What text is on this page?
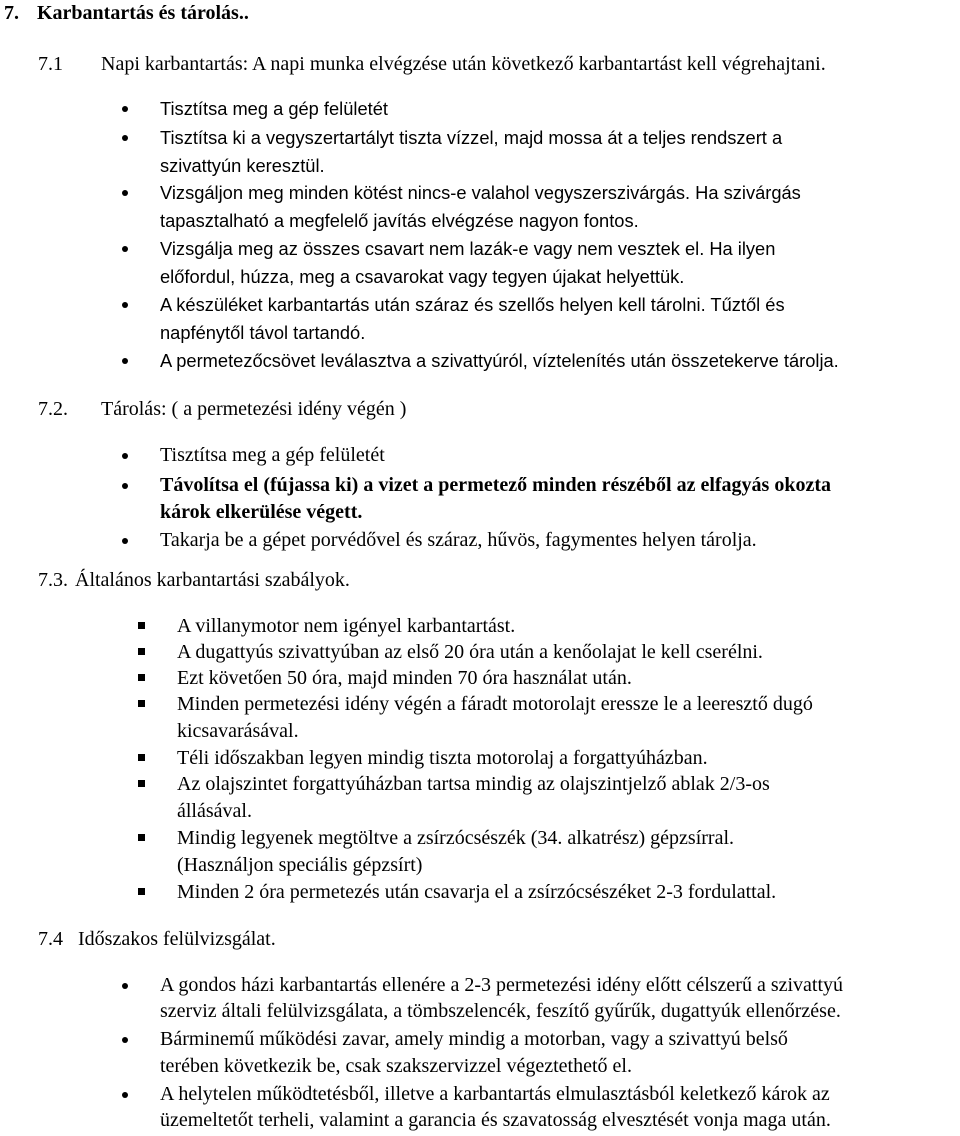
7. Karbantartás és tárolás..
7.1 Napi karbantartás: A napi munka elvégzése után következő karbantartást kell végrehajtani.
Tisztítsa meg a gép felületét
Tisztítsa ki a vegyszertartályt tiszta vízzel, majd mossa át a teljes rendszert a
szivattyún keresztül.
Vizsgáljon meg minden kötést nincs-e valahol vegyszerszivárgás. Ha szivárgás
tapasztalható a megfelelő javítás elvégzése nagyon fontos.
Vizsgálja meg az összes csavart nem lazák-e vagy nem vesztek el. Ha ilyen
előfordul, húzza, meg a csavarokat vagy tegyen újakat helyettük.
A készüléket karbantartás után száraz és szellős helyen kell tárolni. Tűztől és
napfénytől távol tartandó.
A permetezőcsövet leválasztva a szivattyúról, víztelenítés után összetekerve tárolja.
7.2. Tárolás: ( a permetezési idény végén )
Tisztítsa meg a gép felületét
Távolítsa el (fújassa ki) a vizet a permetező minden részéből az elfagyás okozta
károk elkerülése végett.
Takarja be a gépet porvédővel és száraz, hűvös, fagymentes helyen tárolja.
7.3. Általános karbantartási szabályok.
A villanymotor nem igényel karbantartást.
A dugattyús szivattyúban az első 20 óra után a kenőolajat le kell cserélni.
Ezt követően 50 óra, majd minden 70 óra használat után.
Minden permetezési idény végén a fáradt motorolajt eressze le a leeresztő dugó
kicsavarásával.
Téli időszakban legyen mindig tiszta motorolaj a forgattyúházban.
Az olajszintet forgattyúházban tartsa mindig az olajszintjelző ablak 2/3-os
állásával.
Mindig legyenek megtöltve a zsírzócsészék (34. alkatrész) gépzsírral.
(Használjon speciális gépzsírt)
Minden 2 óra permetezés után csavarja el a zsírzócsészéket 2-3 fordulattal.
7.4 Időszakos felülvizsgálat.
A gondos házi karbantartás ellenére a 2-3 permetezési idény előtt célszerű a szivattyú
szerviz általi felülvizsgálata, a tömbszelencék, feszítő gyűrűk, dugattyúk ellenőrzése.
Bárminemű működési zavar, amely mindig a motorban, vagy a szivattyú belső
terében következik be, csak szakszervizzel végeztethető el.
A helytelen működtetésből, illetve a karbantartás elmulasztásból keletkező károk az
üzemeltetőt terheli, valamint a garancia és szavatosság elvesztését vonja maga után.
